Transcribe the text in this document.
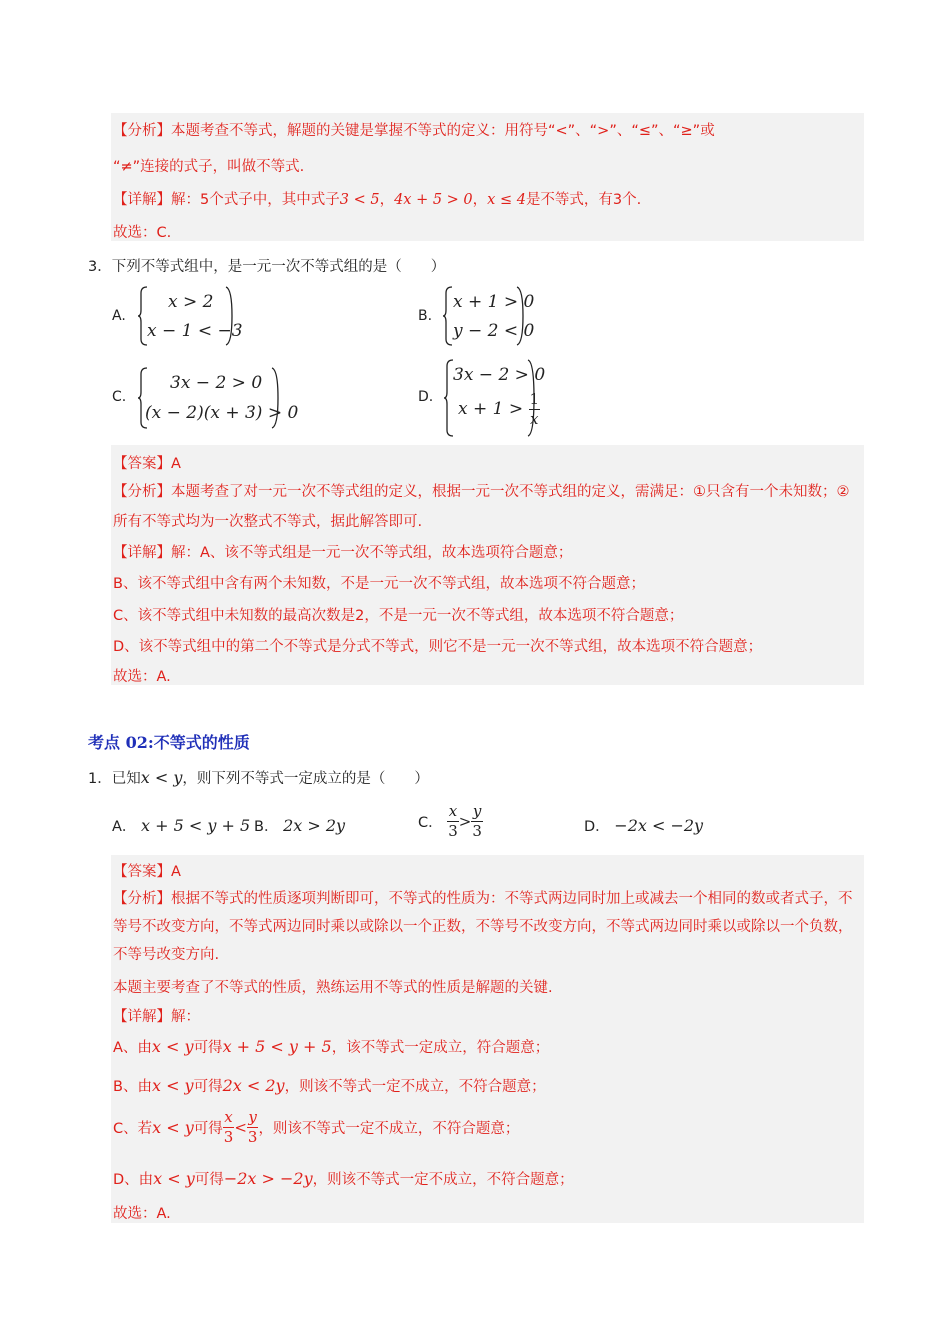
【分析】本题考查不等式，解题的关键是掌握不等式的定义：用符号“<”、“>”、“≤”、“≥”或
“≠”连接的式子，叫做不等式.
【详解】解：5个式子中，其中式子3 < 5，4x + 5 > 0，x ≤ 4是不等式，有3个.
故选：C.
3．下列不等式组中，是一元一次不等式组的是（　　）
A.
x > 2
x − 1 < −3
B.
x + 1 > 0
y − 2 < 0
C.
3x − 2 > 0
(x − 2)(x + 3) > 0
D.
3x − 2 > 0
$x + 1 > \frac{1}{x}$
【答案】A
【分析】本题考查了对一元一次不等式组的定义，根据一元一次不等式组的定义，需满足：①只含有一个未知数；②所有不等式均为一次整式不等式，据此解答即可.
【详解】解：A、该不等式组是一元一次不等式组，故本选项符合题意；
B、该不等式组中含有两个未知数，不是一元一次不等式组，故本选项不符合题意；
C、该不等式组中未知数的最高次数是2，不是一元一次不等式组，故本选项不符合题意；
D、该不等式组中的第二个不等式是分式不等式，则它不是一元一次不等式组，故本选项不符合题意；
故选：A.
考点 02:不等式的性质
1．已知x < y，则下列不等式一定成立的是（　　）
A． x + 5 < y + 5 B． 2x > 2y	C． $\frac{x}{3} > \frac{y}{3}$	D． −2x < −2y
【答案】A
【分析】根据不等式的性质逐项判断即可，不等式的性质为：不等式两边同时加上或减去一个相同的数或者式子，不等号不改变方向，不等式两边同时乘以或除以一个正数，不等号不改变方向，不等式两边同时乘以或除以一个负数，不等号改变方向.
本题主要考查了不等式的性质，熟练运用不等式的性质是解题的关键.
【详解】解：
A、由x < y可得x + 5 < y + 5，该不等式一定成立，符合题意；
B、由x < y可得2x < 2y，则该不等式一定不成立，不符合题意；
C、若x < y可得 $\frac{x}{3} < \frac{y}{3}$ ，则该不等式一定不成立，不符合题意；
D、由x < y可得−2x > −2y，则该不等式一定不成立，不符合题意；
故选：A.
